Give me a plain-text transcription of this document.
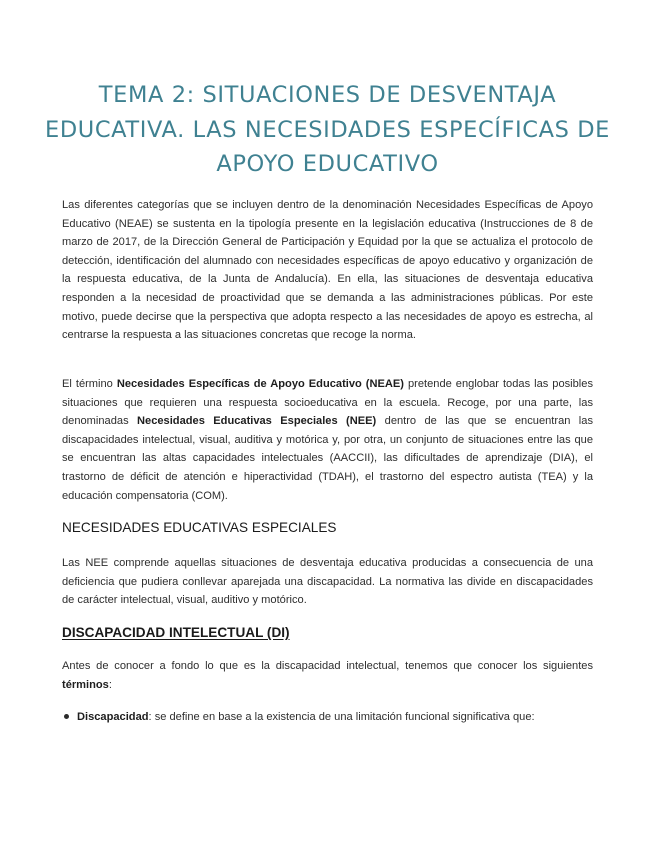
TEMA 2: SITUACIONES DE DESVENTAJA EDUCATIVA. LAS NECESIDADES ESPECÍFICAS DE APOYO EDUCATIVO

Las diferentes categorías que se incluyen dentro de la denominación Necesidades Específicas de Apoyo Educativo (NEAE) se sustenta en la tipología presente en la legislación educativa (Instrucciones de 8 de marzo de 2017, de la Dirección General de Participación y Equidad por la que se actualiza el protocolo de detección, identificación del alumnado con necesidades específicas de apoyo educativo y organización de la respuesta educativa, de la Junta de Andalucía). En ella, las situaciones de desventaja educativa responden a la necesidad de proactividad que se demanda a las administraciones públicas. Por este motivo, puede decirse que la perspectiva que adopta respecto a las necesidades de apoyo es estrecha, al centrarse la respuesta a las situaciones concretas que recoge la norma.

El término Necesidades Específicas de Apoyo Educativo (NEAE) pretende englobar todas las posibles situaciones que requieren una respuesta socioeducativa en la escuela. Recoge, por una parte, las denominadas Necesidades Educativas Especiales (NEE) dentro de las que se encuentran las discapacidades intelectual, visual, auditiva y motórica y, por otra, un conjunto de situaciones entre las que se encuentran las altas capacidades intelectuales (AACCII), las dificultades de aprendizaje (DIA), el trastorno de déficit de atención e hiperactividad (TDAH), el trastorno del espectro autista (TEA) y la educación compensatoria (COM).

NECESIDADES EDUCATIVAS ESPECIALES

Las NEE comprende aquellas situaciones de desventaja educativa producidas a consecuencia de una deficiencia que pudiera conllevar aparejada una discapacidad. La normativa las divide en discapacidades de carácter intelectual, visual, auditivo y motórico.

DISCAPACIDAD INTELECTUAL (DI)

Antes de conocer a fondo lo que es la discapacidad intelectual, tenemos que conocer los siguientes términos:

Discapacidad: se define en base a la existencia de una limitación funcional significativa que:
